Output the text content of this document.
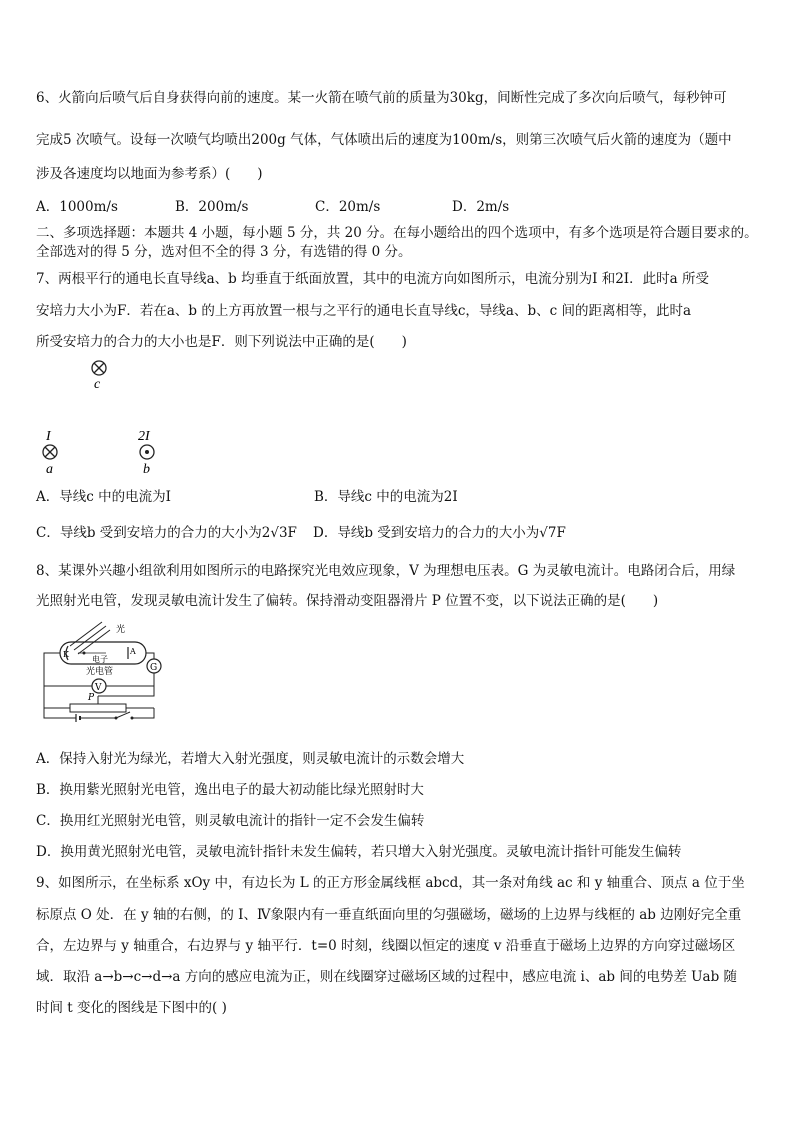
6、火箭向后喷气后自身获得向前的速度。某一火箭在喷气前的质量为30kg，间断性完成了多次向后喷气，每秒钟可
完成5 次喷气。设每一次喷气均喷出200g 气体，气体喷出后的速度为100m/s，则第三次喷气后火箭的速度为（题中
涉及各速度均以地面为参考系）(　　)
A．1000m/s	B．200m/s	C．20m/s	D．2m/s
二、多项选择题：本题共 4 小题，每小题 5 分，共 20 分。在每小题给出的四个选项中，有多个选项是符合题目要求的。
全部选对的得 5 分，选对但不全的得 3 分，有选错的得 0 分。
7、两根平行的通电长直导线a、b 均垂直于纸面放置，其中的电流方向如图所示，电流分别为I 和2I．此时a 所受
安培力大小为F．若在a、b 的上方再放置一根与之平行的通电长直导线c，导线a、b、c 间的距离相等，此时a
所受安培力的合力的大小也是F．则下列说法中正确的是(　　)
c
I
a
2I
b
A．导线c 中的电流为I	B．导线c 中的电流为2I
C．导线b 受到安培力的合力的大小为2√3F D．导线b 受到安培力的合力的大小为√7F
8、某课外兴趣小组欲利用如图所示的电路探究光电效应现象，V 为理想电压表。G 为灵敏电流计。电路闭合后，用绿
光照射光电管，发现灵敏电流计发生了偏转。保持滑动变阻器滑片 P 位置不变，以下说法正确的是(　　)
光
K
电子
A
光电管	G
V
P
A．保持入射光为绿光，若增大入射光强度，则灵敏电流计的示数会增大
B．换用紫光照射光电管，逸出电子的最大初动能比绿光照射时大
C．换用红光照射光电管，则灵敏电流计的指针一定不会发生偏转
D．换用黄光照射光电管，灵敏电流针指针未发生偏转，若只增大入射光强度。灵敏电流计指针可能发生偏转
9、如图所示，在坐标系 xOy 中，有边长为 L 的正方形金属线框 abcd，其一条对角线 ac 和 y 轴重合、顶点 a 位于坐
标原点 O 处．在 y 轴的右侧，的 I、Ⅳ象限内有一垂直纸面向里的匀强磁场，磁场的上边界与线框的 ab 边刚好完全重
合，左边界与 y 轴重合，右边界与 y 轴平行．t=0 时刻，线圈以恒定的速度 v 沿垂直于磁场上边界的方向穿过磁场区
域．取沿 a→b→c→d→a 方向的感应电流为正，则在线圈穿过磁场区域的过程中，感应电流 i、ab 间的电势差 Uab 随
时间 t 变化的图线是下图中的( )
